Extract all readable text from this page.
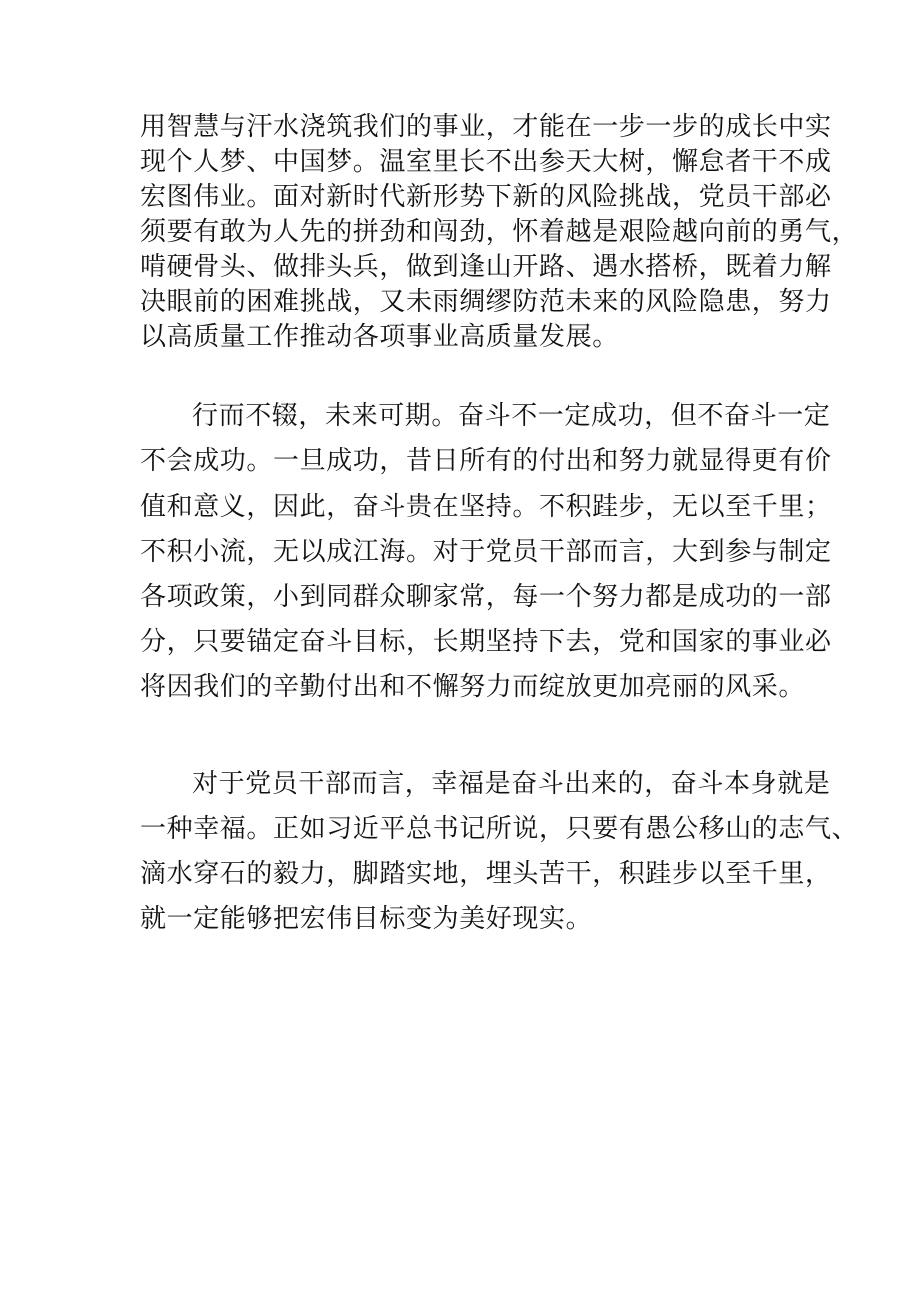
用智慧与汗水浇筑我们的事业，才能在一步一步的成长中实
现个人梦、中国梦。温室里长不出参天大树，懈怠者干不成
宏图伟业。面对新时代新形势下新的风险挑战，党员干部必
须要有敢为人先的拼劲和闯劲，怀着越是艰险越向前的勇气，
啃硬骨头、做排头兵，做到逢山开路、遇水搭桥，既着力解
决眼前的困难挑战，又未雨绸缪防范未来的风险隐患，努力
以高质量工作推动各项事业高质量发展。
行而不辍，未来可期。奋斗不一定成功，但不奋斗一定
不会成功。一旦成功，昔日所有的付出和努力就显得更有价
值和意义，因此，奋斗贵在坚持。不积跬步，无以至千里；
不积小流，无以成江海。对于党员干部而言，大到参与制定
各项政策，小到同群众聊家常，每一个努力都是成功的一部
分，只要锚定奋斗目标，长期坚持下去，党和国家的事业必
将因我们的辛勤付出和不懈努力而绽放更加亮丽的风采。
对于党员干部而言，幸福是奋斗出来的，奋斗本身就是
一种幸福。正如习近平总书记所说，只要有愚公移山的志气、
滴水穿石的毅力，脚踏实地，埋头苦干，积跬步以至千里，
就一定能够把宏伟目标变为美好现实。
